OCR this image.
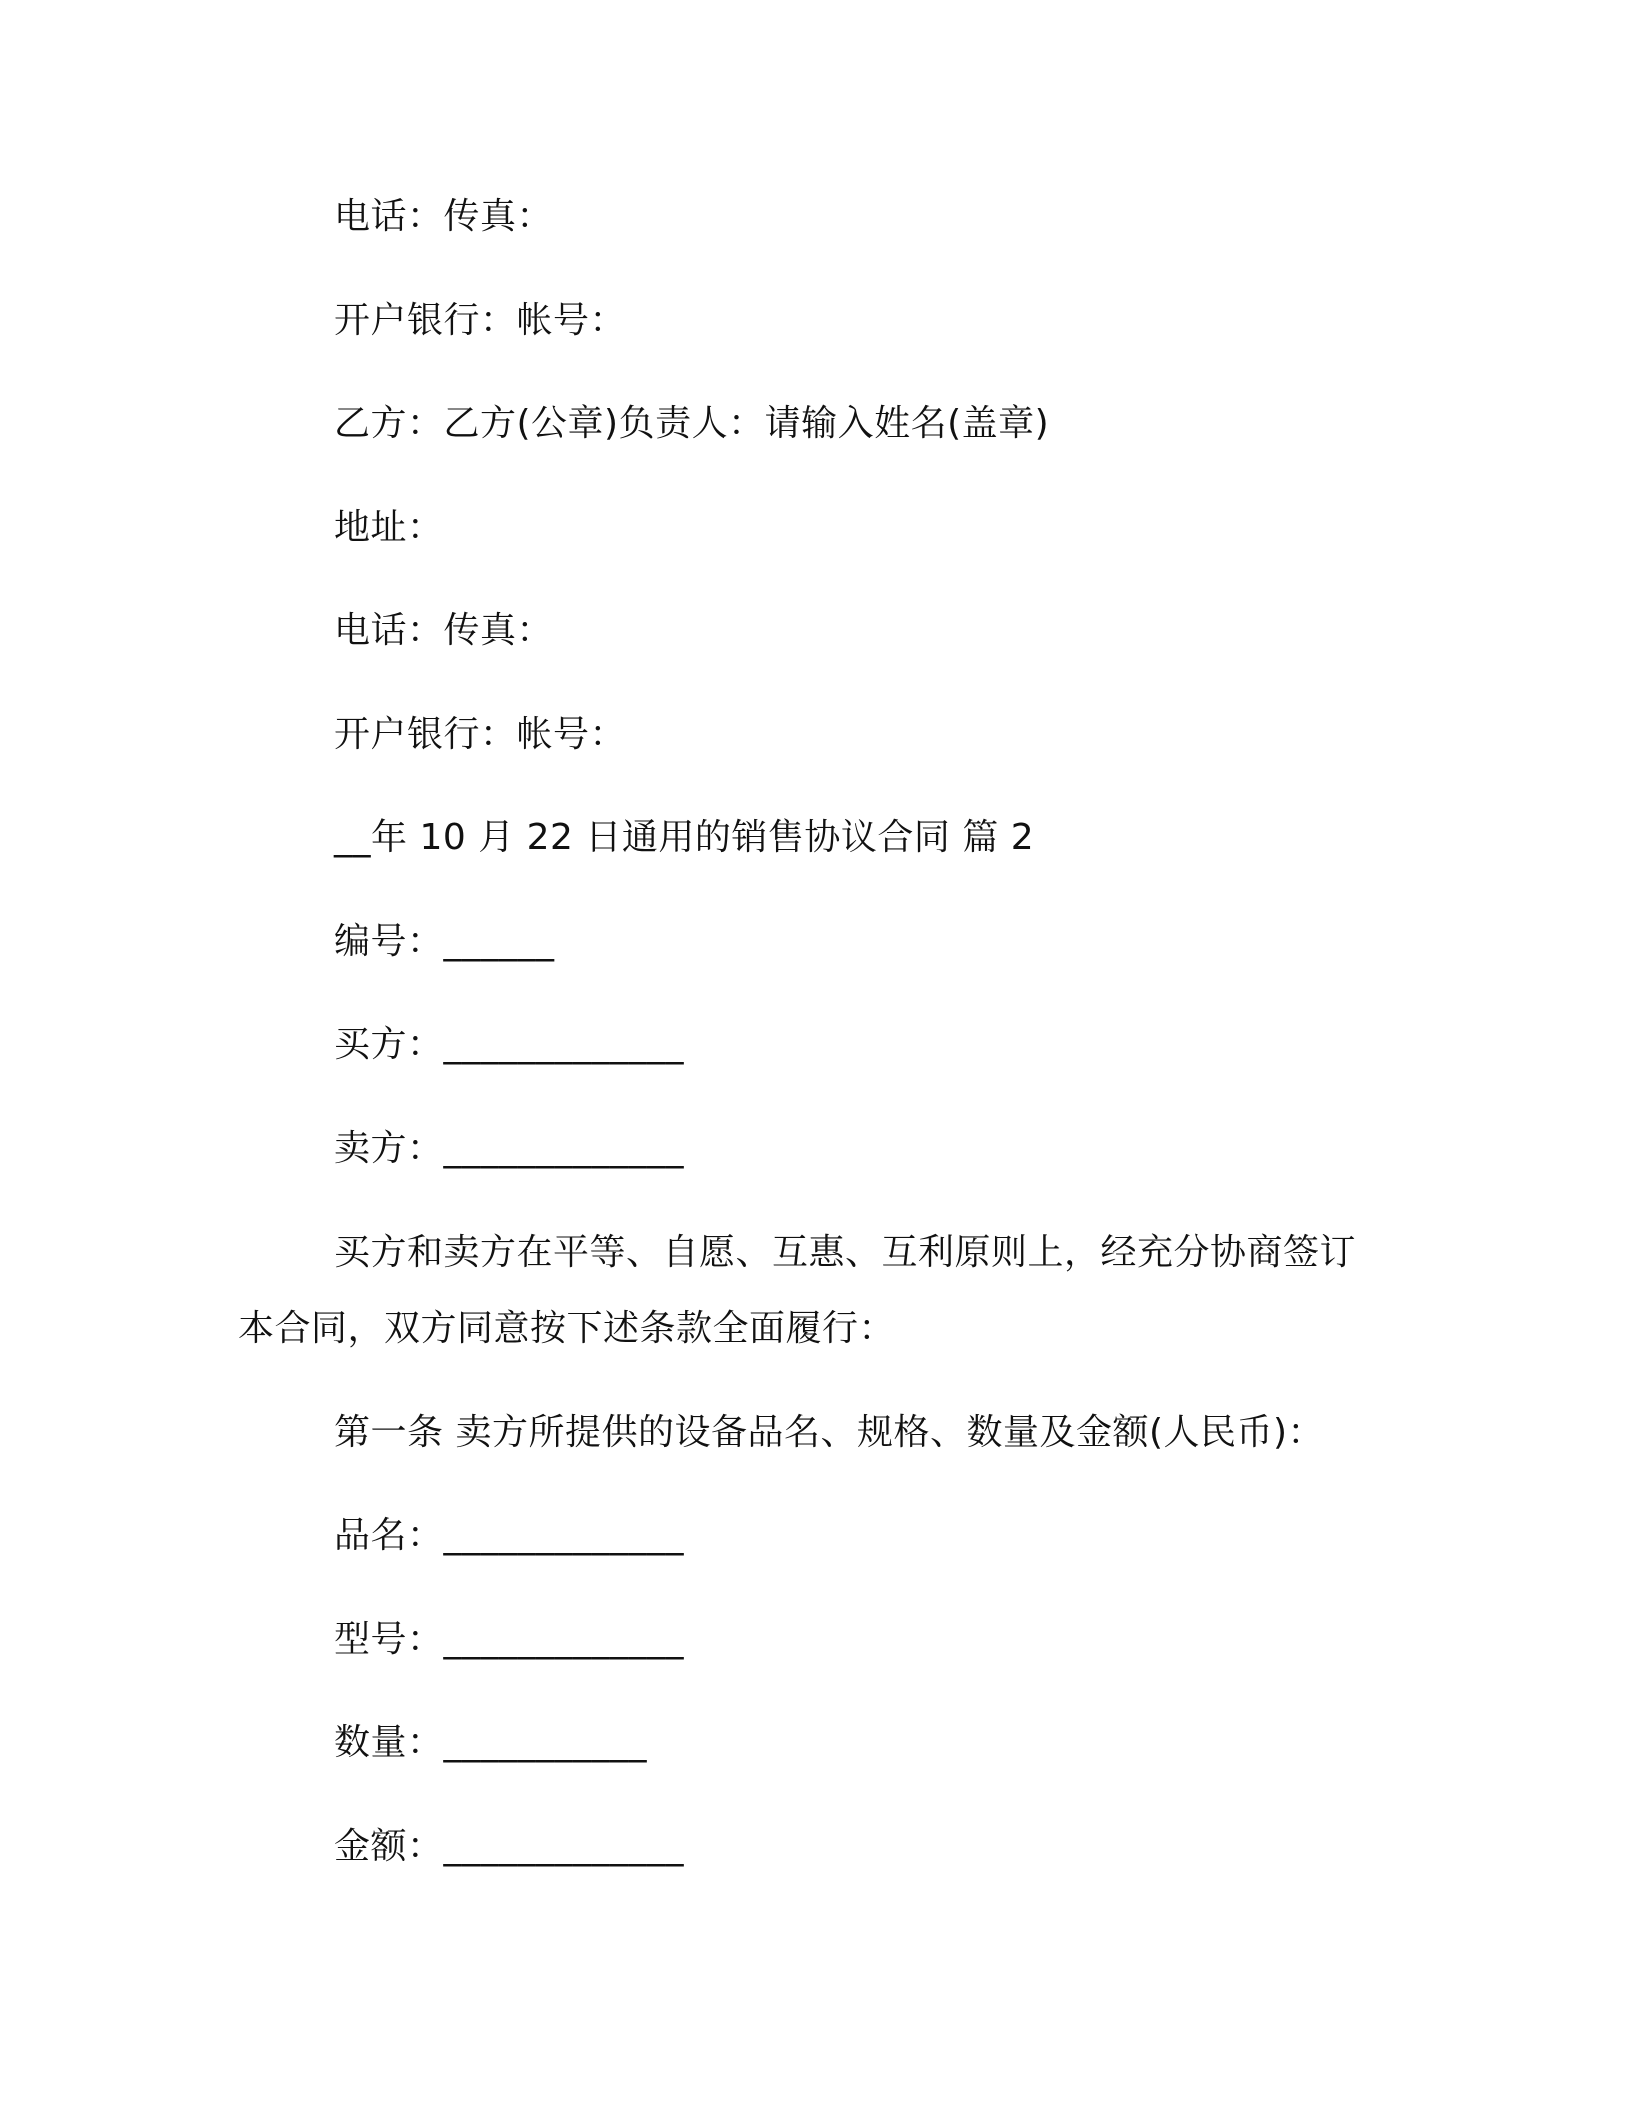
电话：传真：
开户银行：帐号：
乙方：乙方(公章)负责人：请输入姓名(盖章)
地址：
电话：传真：
开户银行：帐号：
__年 10 月 22 日通用的销售协议合同 篇 2
编号：______
买方：_____________
卖方：_____________
买方和卖方在平等、自愿、互惠、互利原则上，经充分协商签订
本合同，双方同意按下述条款全面履行：
第一条 卖方所提供的设备品名、规格、数量及金额(人民币)：
品名：_____________
型号：_____________
数量：___________
金额：_____________
